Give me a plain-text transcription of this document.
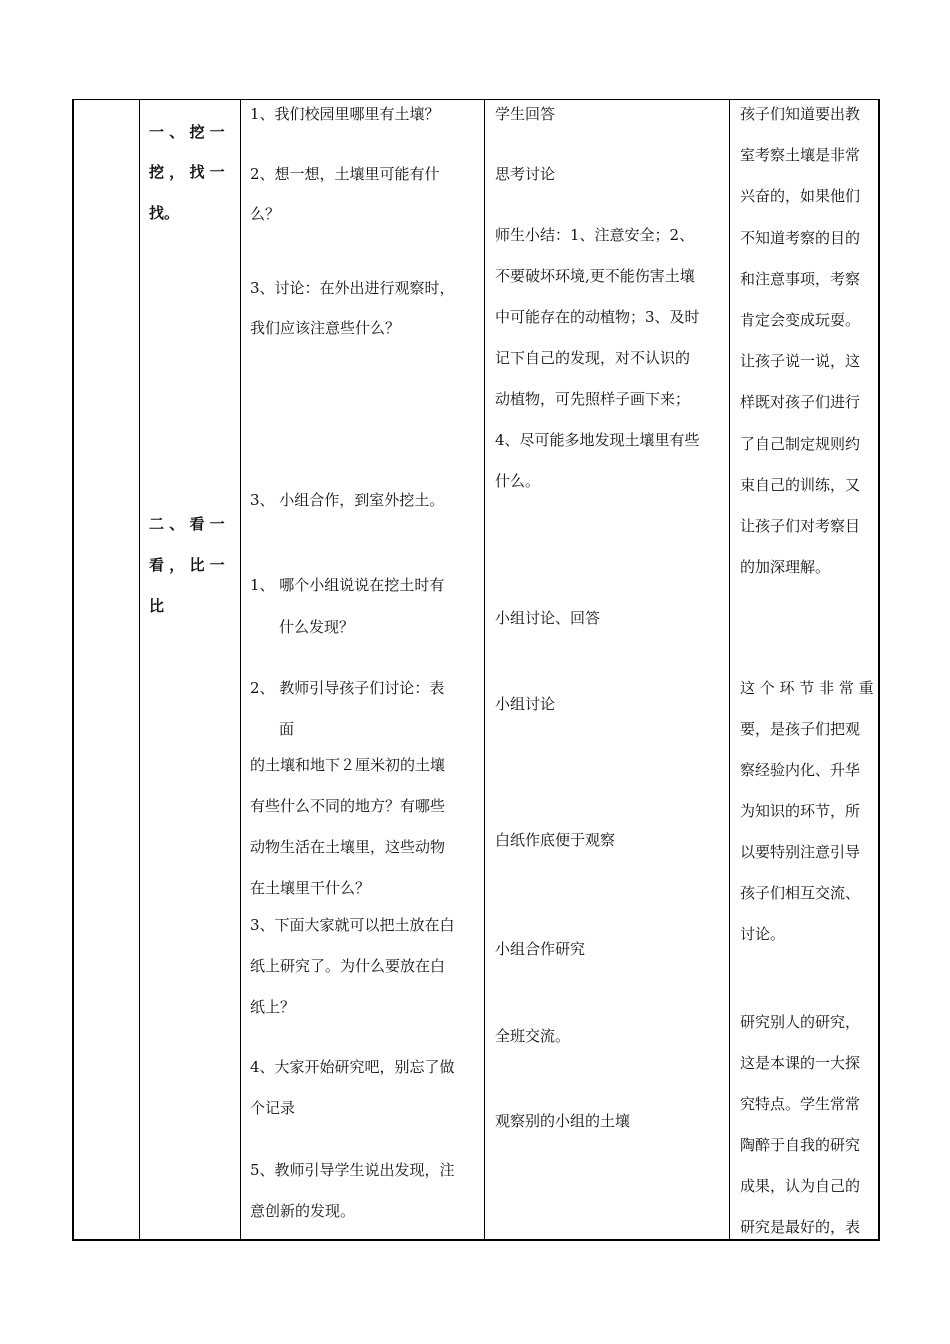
一 、 挖 一
挖 ， 找 一
找。
二 、 看 一
看 ， 比 一
比
1、我们校园里哪里有土壤？
2、想一想，土壤里可能有什
么？
3、讨论：在外出进行观察时，
我们应该注意些什么？
3、 小组合作，到室外挖土。
1、 哪个小组说说在挖土时有
什么发现？
2、 教师引导孩子们讨论：表
面
的土壤和地下２厘米初的土壤
有些什么不同的地方？有哪些
动物生活在土壤里，这些动物
在土壤里干什么？
3、下面大家就可以把土放在白
纸上研究了。为什么要放在白
纸上？
4、大家开始研究吧，别忘了做
个记录
5、教师引导学生说出发现，注
意创新的发现。
学生回答
思考讨论
师生小结：1、注意安全；2、
不要破坏环境,更不能伤害土壤
中可能存在的动植物；3、及时
记下自己的发现，对不认识的
动植物，可先照样子画下来；
4、尽可能多地发现土壤里有些
什么。
小组讨论、回答
小组讨论
白纸作底便于观察
小组合作研究
全班交流。
观察别的小组的土壤
孩子们知道要出教
室考察土壤是非常
兴奋的，如果他们
不知道考察的目的
和注意事项，考察
肯定会变成玩耍。
让孩子说一说，这
样既对孩子们进行
了自己制定规则约
束自己的训练，又
让孩子们对考察目
的加深理解。
这 个 环 节 非 常 重
要，是孩子们把观
察经验内化、升华
为知识的环节，所
以要特别注意引导
孩子们相互交流、
讨论。
研究别人的研究，
这是本课的一大探
究特点。学生常常
陶醉于自我的研究
成果，认为自己的
研究是最好的，表
